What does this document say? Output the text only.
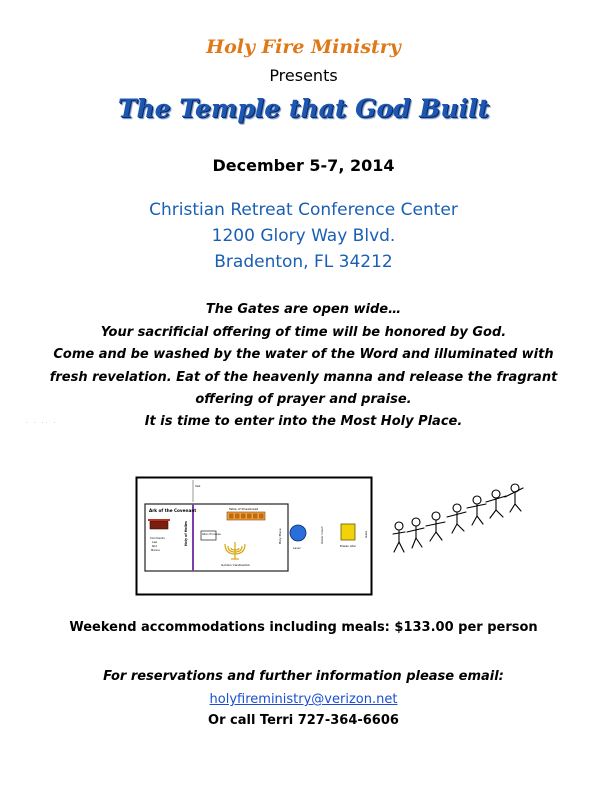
Holy Fire Ministry
Presents
The Temple that God Built
December 5-7, 2014
Christian Retreat Conference Center
1200 Glory Way Blvd.
Bradenton, FL 34212
The Gates are open wide…
Your sacrificial offering of time will be honored by God.
Come and be washed by the water of the Word and illuminated with
fresh revelation. Eat of the heavenly manna and release the fragrant
offering of prayer and praise.
It is time to enter into the Most Holy Place.
· · ·· ·
Veil
Ark of the Covenant
Commands
Law
Rod
Manna
Holy of Holies
Table of Shewbread
Altar of Incense
Golden Candlestick
Holy Place
Laver
Outer Court
Brazen Altar
Gate
Weekend accommodations including meals: $133.00 per person
For reservations and further information please email:
holyfireministry@verizon.net
Or call Terri 727-364-6606
